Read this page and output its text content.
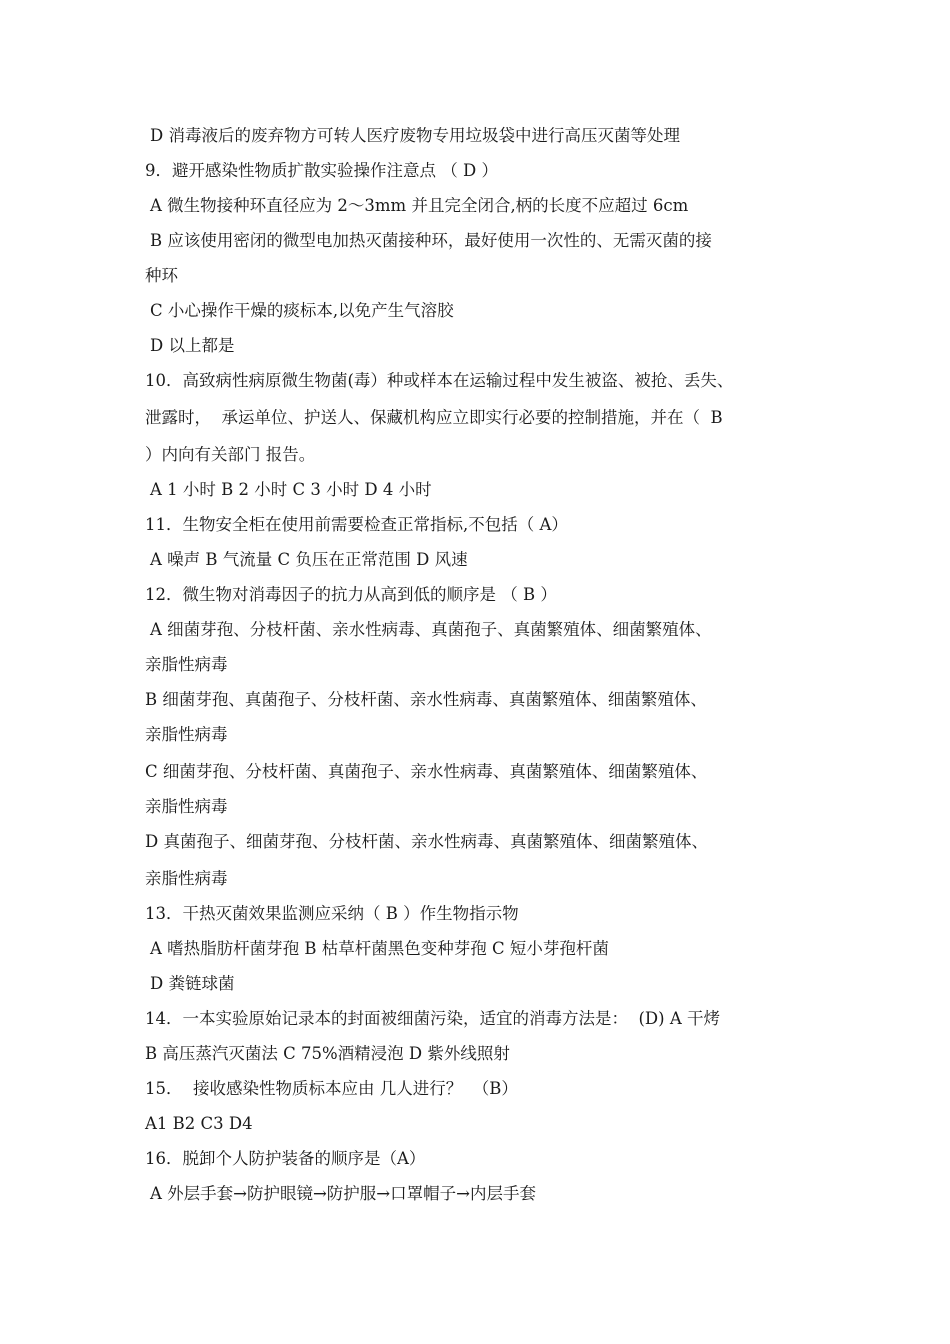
D 消毒液后的废弃物方可转人医疗废物专用垃圾袋中进行高压灭菌等处理
9．避开感染性物质扩散实验操作注意点 （ D ）
A 微生物接种环直径应为 2～3mm 并且完全闭合,柄的长度不应超过 6cm
B 应该使用密闭的微型电加热灭菌接种环，最好使用一次性的、无需灭菌的接
种环
C 小心操作干燥的痰标本,以免产生气溶胶
D 以上都是
10．高致病性病原微生物菌(毒）种或样本在运输过程中发生被盗、被抢、丢失、
泄露时，  承运单位、护送人、保藏机构应立即实行必要的控制措施，并在（  B
）内向有关部门 报告。
A 1 小时 B 2 小时 C 3 小时 D 4 小时
11．生物安全柜在使用前需要检查正常指标,不包括（ A）
A 噪声 B 气流量 C 负压在正常范围 D 风速
12．微生物对消毒因子的抗力从高到低的顺序是 （ B ）
A 细菌芽孢、分枝杆菌、亲水性病毒、真菌孢子、真菌繁殖体、细菌繁殖体、
亲脂性病毒
B 细菌芽孢、真菌孢子、分枝杆菌、亲水性病毒、真菌繁殖体、细菌繁殖体、
亲脂性病毒
C 细菌芽孢、分枝杆菌、真菌孢子、亲水性病毒、真菌繁殖体、细菌繁殖体、
亲脂性病毒
D 真菌孢子、细菌芽孢、分枝杆菌、亲水性病毒、真菌繁殖体、细菌繁殖体、
亲脂性病毒
13．干热灭菌效果监测应采纳（ B ）作生物指示物
A 嗜热脂肪杆菌芽孢 B 枯草杆菌黑色变种芽孢 C 短小芽孢杆菌
D 粪链球菌
14．一本实验原始记录本的封面被细菌污染，适宜的消毒方法是：  (D) A 干烤
B 高压蒸汽灭菌法 C 75%酒精浸泡 D 紫外线照射
15．  接收感染性物质标本应由 几人进行？  （B）
A1 B2 C3 D4
16．脱卸个人防护装备的顺序是（A）
A 外层手套→防护眼镜→防护服→口罩帽子→内层手套
